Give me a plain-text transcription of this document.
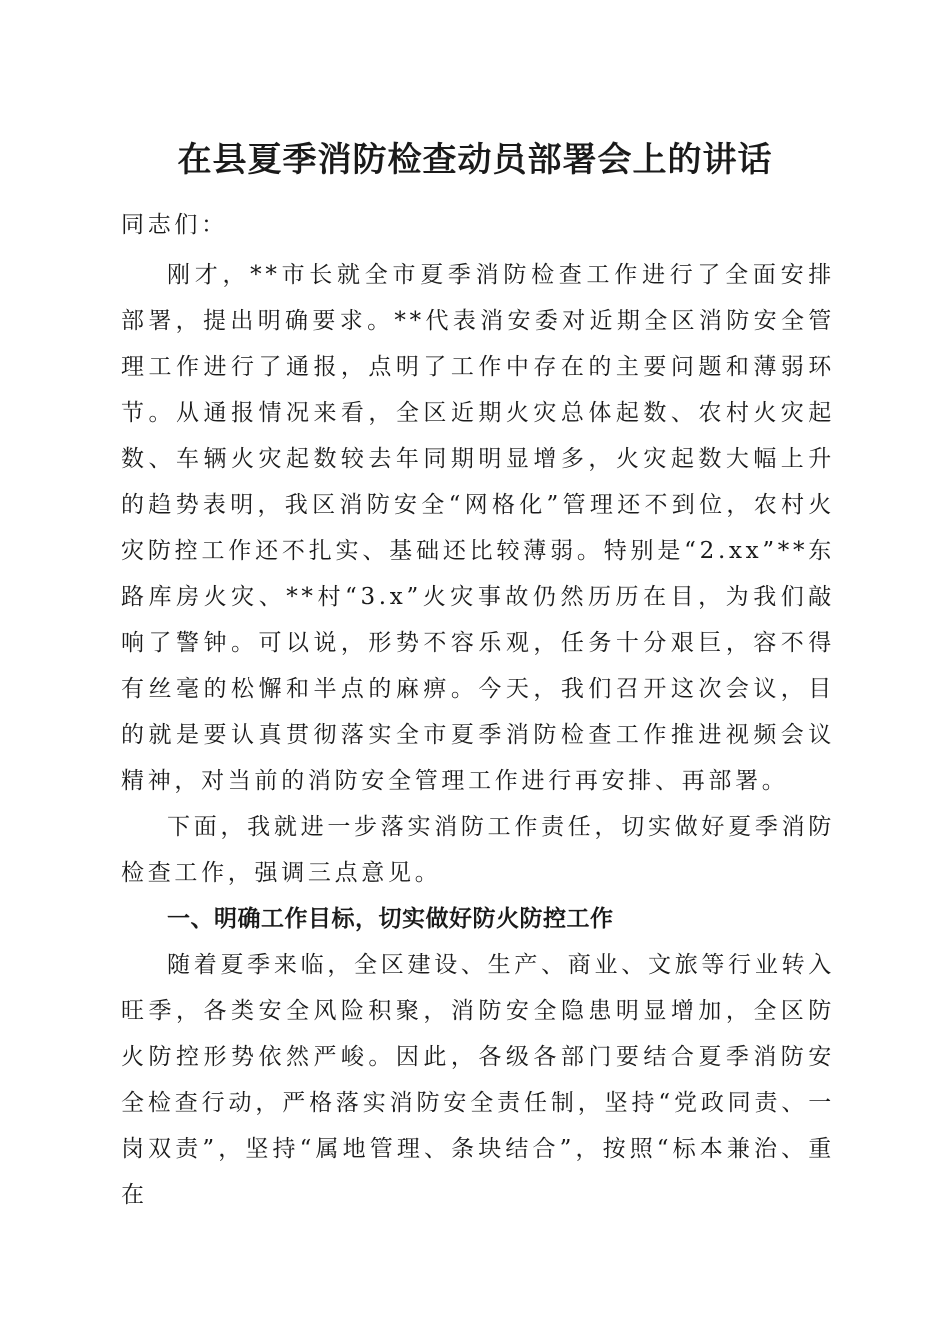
在县夏季消防检查动员部署会上的讲话

同志们：

刚才，**市长就全市夏季消防检查工作进行了全面安排部署，提出明确要求。**代表消安委对近期全区消防安全管理工作进行了通报，点明了工作中存在的主要问题和薄弱环节。从通报情况来看，全区近期火灾总体起数、农村火灾起数、车辆火灾起数较去年同期明显增多，火灾起数大幅上升的趋势表明，我区消防安全“网格化”管理还不到位，农村火灾防控工作还不扎实、基础还比较薄弱。特别是“2.xx”**东路库房火灾、**村“3.x”火灾事故仍然历历在目，为我们敲响了警钟。可以说，形势不容乐观，任务十分艰巨，容不得有丝毫的松懈和半点的麻痹。今天，我们召开这次会议，目的就是要认真贯彻落实全市夏季消防检查工作推进视频会议精神，对当前的消防安全管理工作进行再安排、再部署。

下面，我就进一步落实消防工作责任，切实做好夏季消防检查工作，强调三点意见。

一、明确工作目标，切实做好防火防控工作

随着夏季来临，全区建设、生产、商业、文旅等行业转入旺季，各类安全风险积聚，消防安全隐患明显增加，全区防火防控形势依然严峻。因此，各级各部门要结合夏季消防安全检查行动，严格落实消防安全责任制，坚持“党政同责、一岗双责”，坚持“属地管理、条块结合”，按照“标本兼治、重在
